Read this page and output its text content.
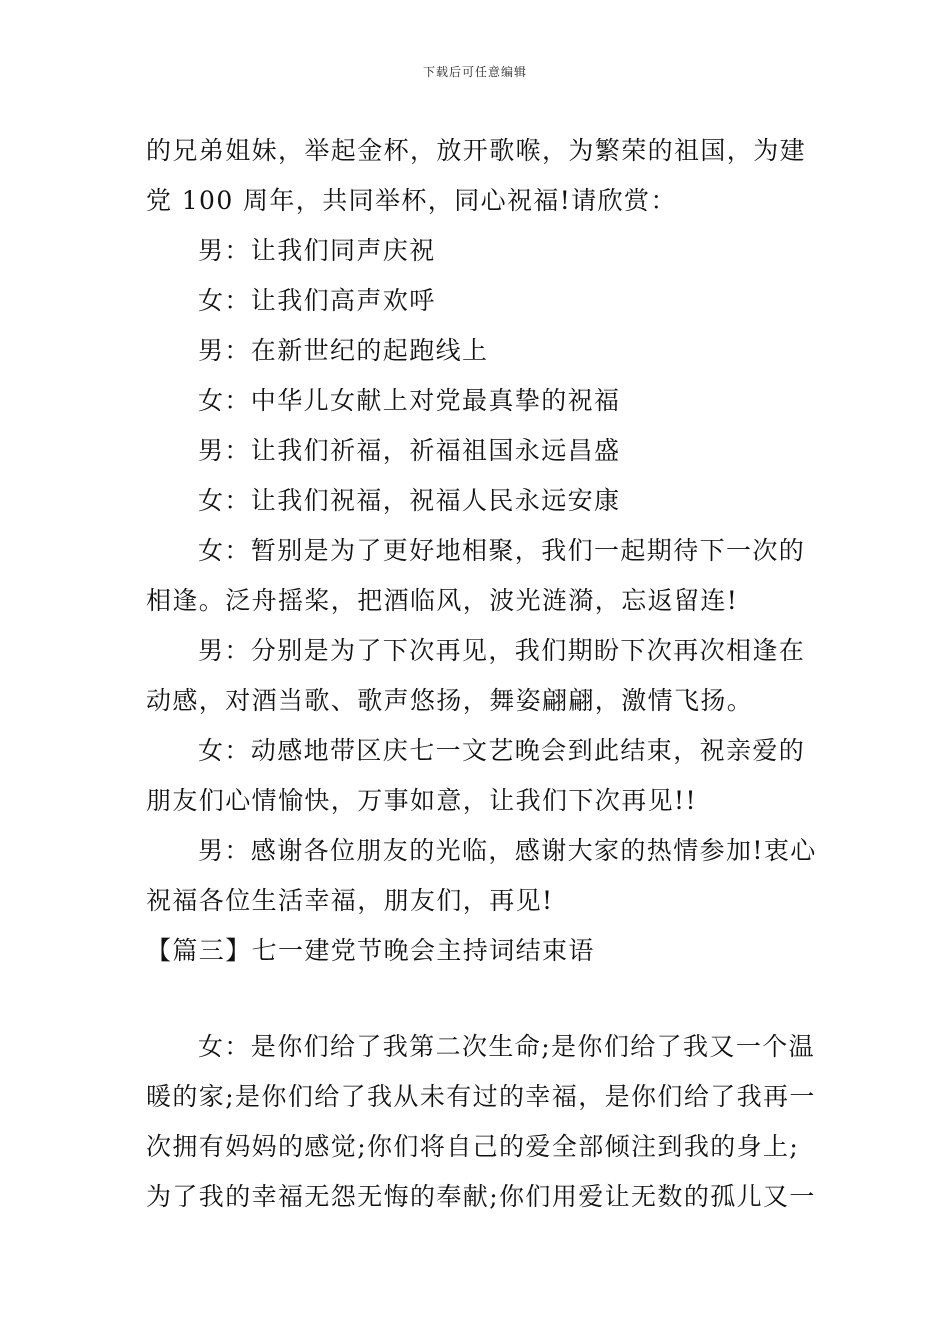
下载后可任意编辑
的兄弟姐妹，举起金杯，放开歌喉，为繁荣的祖国，为建
党 100 周年，共同举杯，同心祝福!请欣赏：
男：让我们同声庆祝
女：让我们高声欢呼
男：在新世纪的起跑线上
女：中华儿女献上对党最真挚的祝福
男：让我们祈福，祈福祖国永远昌盛
女：让我们祝福，祝福人民永远安康
女：暂别是为了更好地相聚，我们一起期待下一次的
相逢。泛舟摇桨，把酒临风，波光涟漪，忘返留连!
男：分别是为了下次再见，我们期盼下次再次相逢在
动感，对酒当歌、歌声悠扬，舞姿翩翩，激情飞扬。
女：动感地带区庆七一文艺晚会到此结束，祝亲爱的
朋友们心情愉快，万事如意，让我们下次再见!!
男：感谢各位朋友的光临，感谢大家的热情参加!衷心
祝福各位生活幸福，朋友们，再见!
【篇三】七一建党节晚会主持词结束语
女：是你们给了我第二次生命;是你们给了我又一个温
暖的家;是你们给了我从未有过的幸福，是你们给了我再一
次拥有妈妈的感觉;你们将自己的爱全部倾注到我的身上;
为了我的幸福无怨无悔的奉献;你们用爱让无数的孤儿又一
